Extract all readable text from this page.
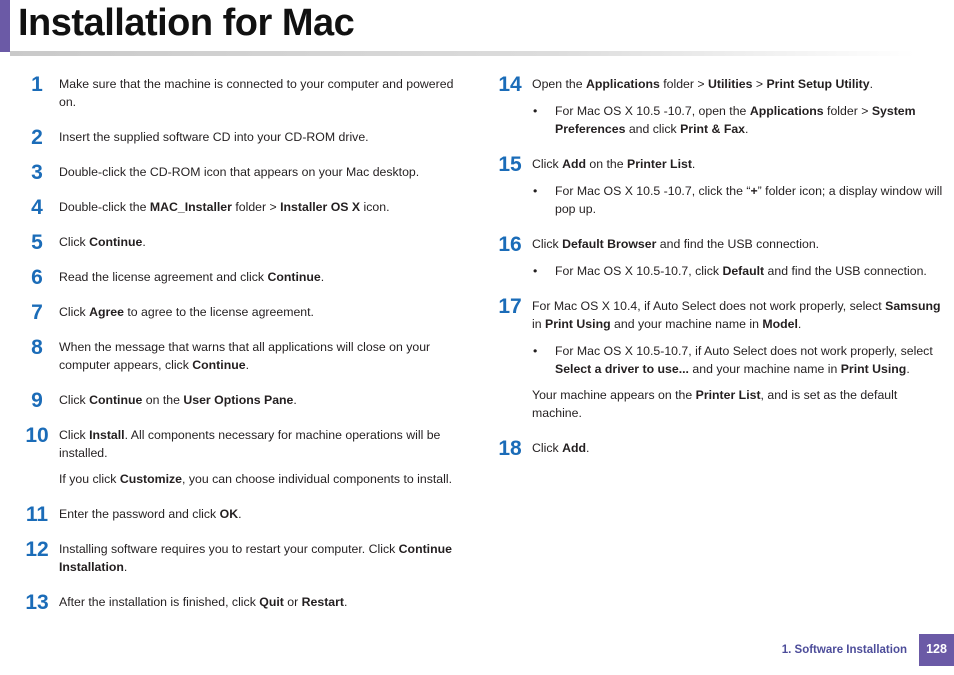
Installation for Mac
1	Make sure that the machine is connected to your computer and powered on.

2	Insert the supplied software CD into your CD-ROM drive.

3	Double-click the CD-ROM icon that appears on your Mac desktop.

4	Double-click the MAC_Installer folder > Installer OS X icon.

5	Click Continue.

6	Read the license agreement and click Continue.

7	Click Agree to agree to the license agreement.

8	When the message that warns that all applications will close on your computer appears, click Continue.

9	Click Continue on the User Options Pane.

10 Click Install. All components necessary for machine operations will be installed.

If you click Customize, you can choose individual components to install.

11 Enter the password and click OK.

12 Installing software requires you to restart your computer. Click Continue Installation.

13 After the installation is finished, click Quit or Restart.

14 Open the Applications folder > Utilities > Print Setup Utility.

• For Mac OS X 10.5 -10.7, open the Applications folder > System Preferences and click Print & Fax.
15 Click Add on the Printer List.

• For Mac OS X 10.5 -10.7, click the “+” folder icon; a display window will pop up.
16 Click Default Browser and find the USB connection.

• For Mac OS X 10.5-10.7, click Default and find the USB connection.
17 For Mac OS X 10.4, if Auto Select does not work properly, select Samsung in Print Using and your machine name in Model.

• For Mac OS X 10.5-10.7, if Auto Select does not work properly, select Select a driver to use... and your machine name in Print Using.

Your machine appears on the Printer List, and is set as the default machine.

18 Click Add.

1. Software Installation	128
